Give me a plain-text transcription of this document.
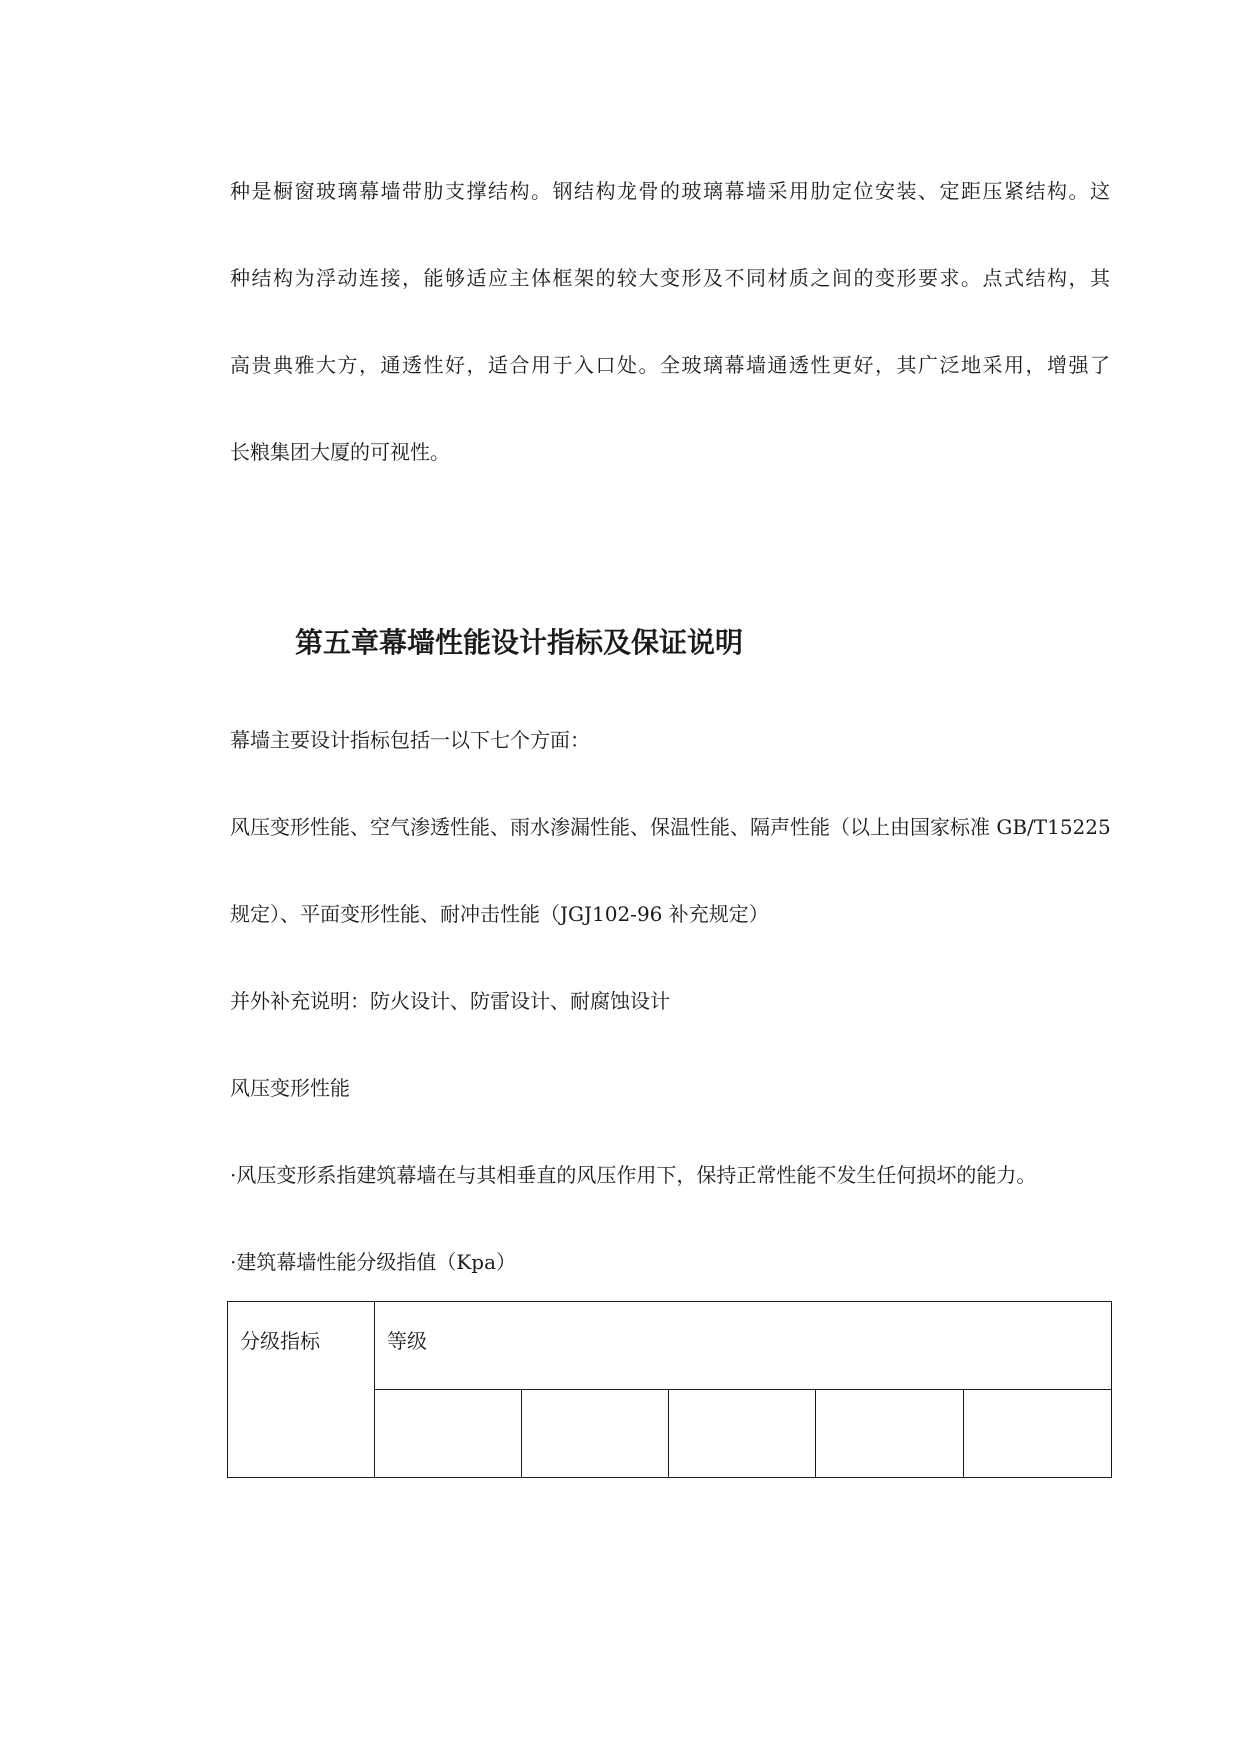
种是橱窗玻璃幕墙带肋支撑结构。钢结构龙骨的玻璃幕墙采用肋定位安装、定距压紧结构。这
种结构为浮动连接，能够适应主体框架的较大变形及不同材质之间的变形要求。点式结构，其
高贵典雅大方，通透性好，适合用于入口处。全玻璃幕墙通透性更好，其广泛地采用，增强了
长粮集团大厦的可视性。
第五章幕墙性能设计指标及保证说明
幕墙主要设计指标包括一以下七个方面：
风压变形性能、空气渗透性能、雨水渗漏性能、保温性能、隔声性能（以上由国家标准 GB/T15225
规定）、平面变形性能、耐冲击性能（JGJ102-96 补充规定）
并外补充说明：防火设计、防雷设计、耐腐蚀设计
风压变形性能
·风压变形系指建筑幕墙在与其相垂直的风压作用下，保持正常性能不发生任何损坏的能力。
·建筑幕墙性能分级指值（Kpa）
分级指标	等级				
